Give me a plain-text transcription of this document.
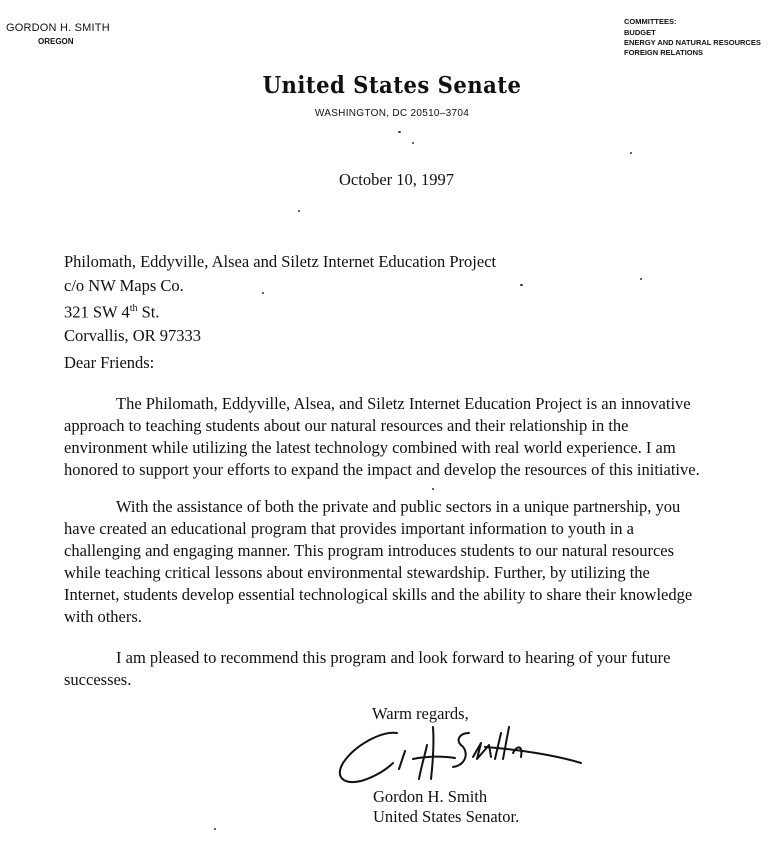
GORDON H. SMITH
OREGON
COMMITTEES:
BUDGET
ENERGY AND NATURAL RESOURCES
FOREIGN RELATIONS
United States Senate
WASHINGTON, DC 20510–3704
October 10, 1997
Philomath, Eddyville, Alsea and Siletz Internet Education Project
c/o NW Maps Co.
321 SW 4th St.
Corvallis, OR 97333
Dear Friends:
The Philomath, Eddyville, Alsea, and Siletz Internet Education Project is an innovative
approach to teaching students about our natural resources and their relationship in the
environment while utilizing the latest technology combined with real world experience. I am
honored to support your efforts to expand the impact and develop the resources of this initiative.
With the assistance of both the private and public sectors in a unique partnership, you
have created an educational program that provides important information to youth in a
challenging and engaging manner. This program introduces students to our natural resources
while teaching critical lessons about environmental stewardship. Further, by utilizing the
Internet, students develop essential technological skills and the ability to share their knowledge
with others.
I am pleased to recommend this program and look forward to hearing of your future
successes.
Warm regards,
Gordon H. Smith
United States Senator.
